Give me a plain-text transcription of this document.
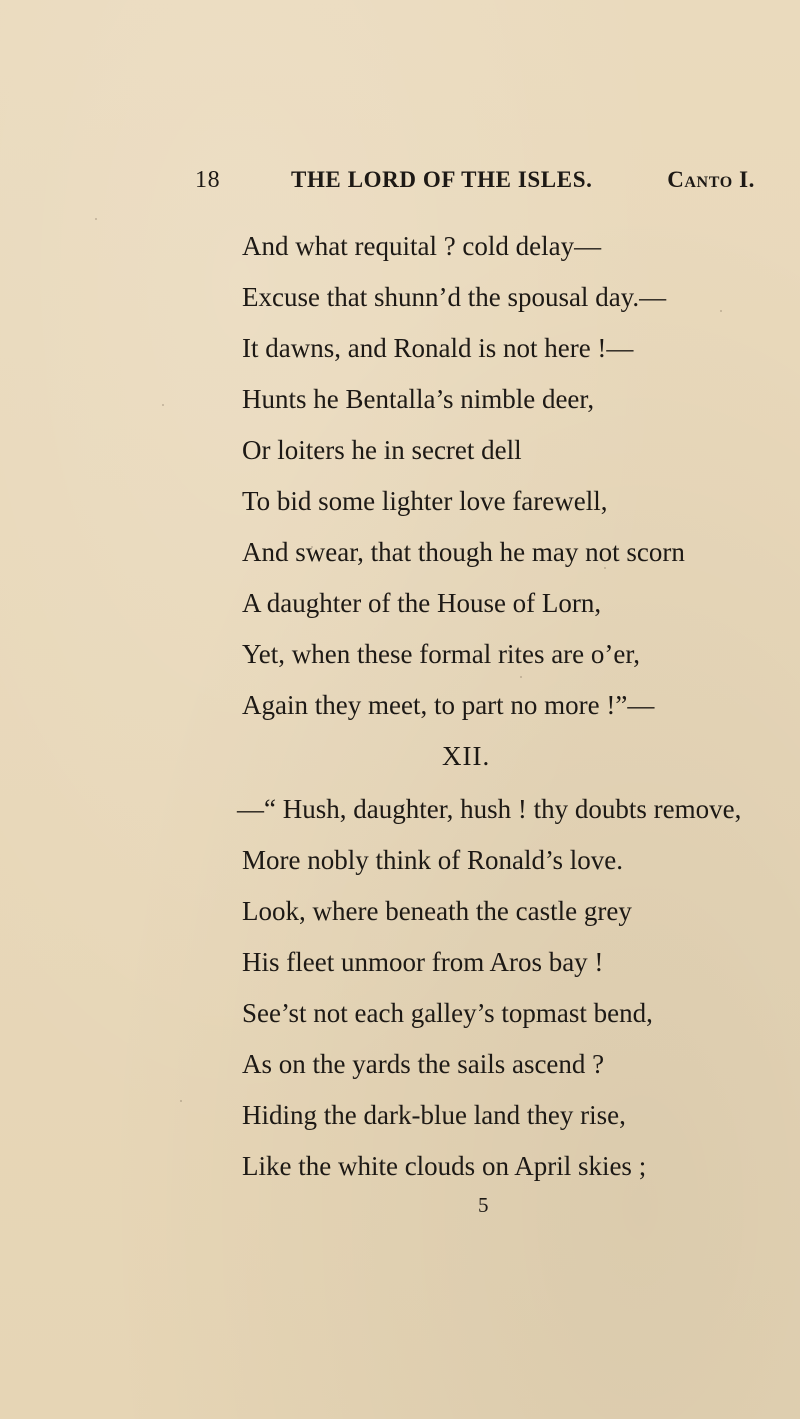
18	THE LORD OF THE ISLES.	Canto I.
And what requital ? cold delay—
Excuse that shunn’d the spousal day.—
It dawns, and Ronald is not here !—
Hunts he Bentalla’s nimble deer,
Or loiters he in secret dell
To bid some lighter love farewell,
And swear, that though he may not scorn
A daughter of the House of Lorn,
Yet, when these formal rites are o’er,
Again they meet, to part no more !”—
—“ Hush, daughter, hush ! thy doubts remove,
More nobly think of Ronald’s love.
Look, where beneath the castle grey
His fleet unmoor from Aros bay !
See’st not each galley’s topmast bend,
As on the yards the sails ascend ?
Hiding the dark-blue land they rise,
Like the white clouds on April skies ;
XII.
5
